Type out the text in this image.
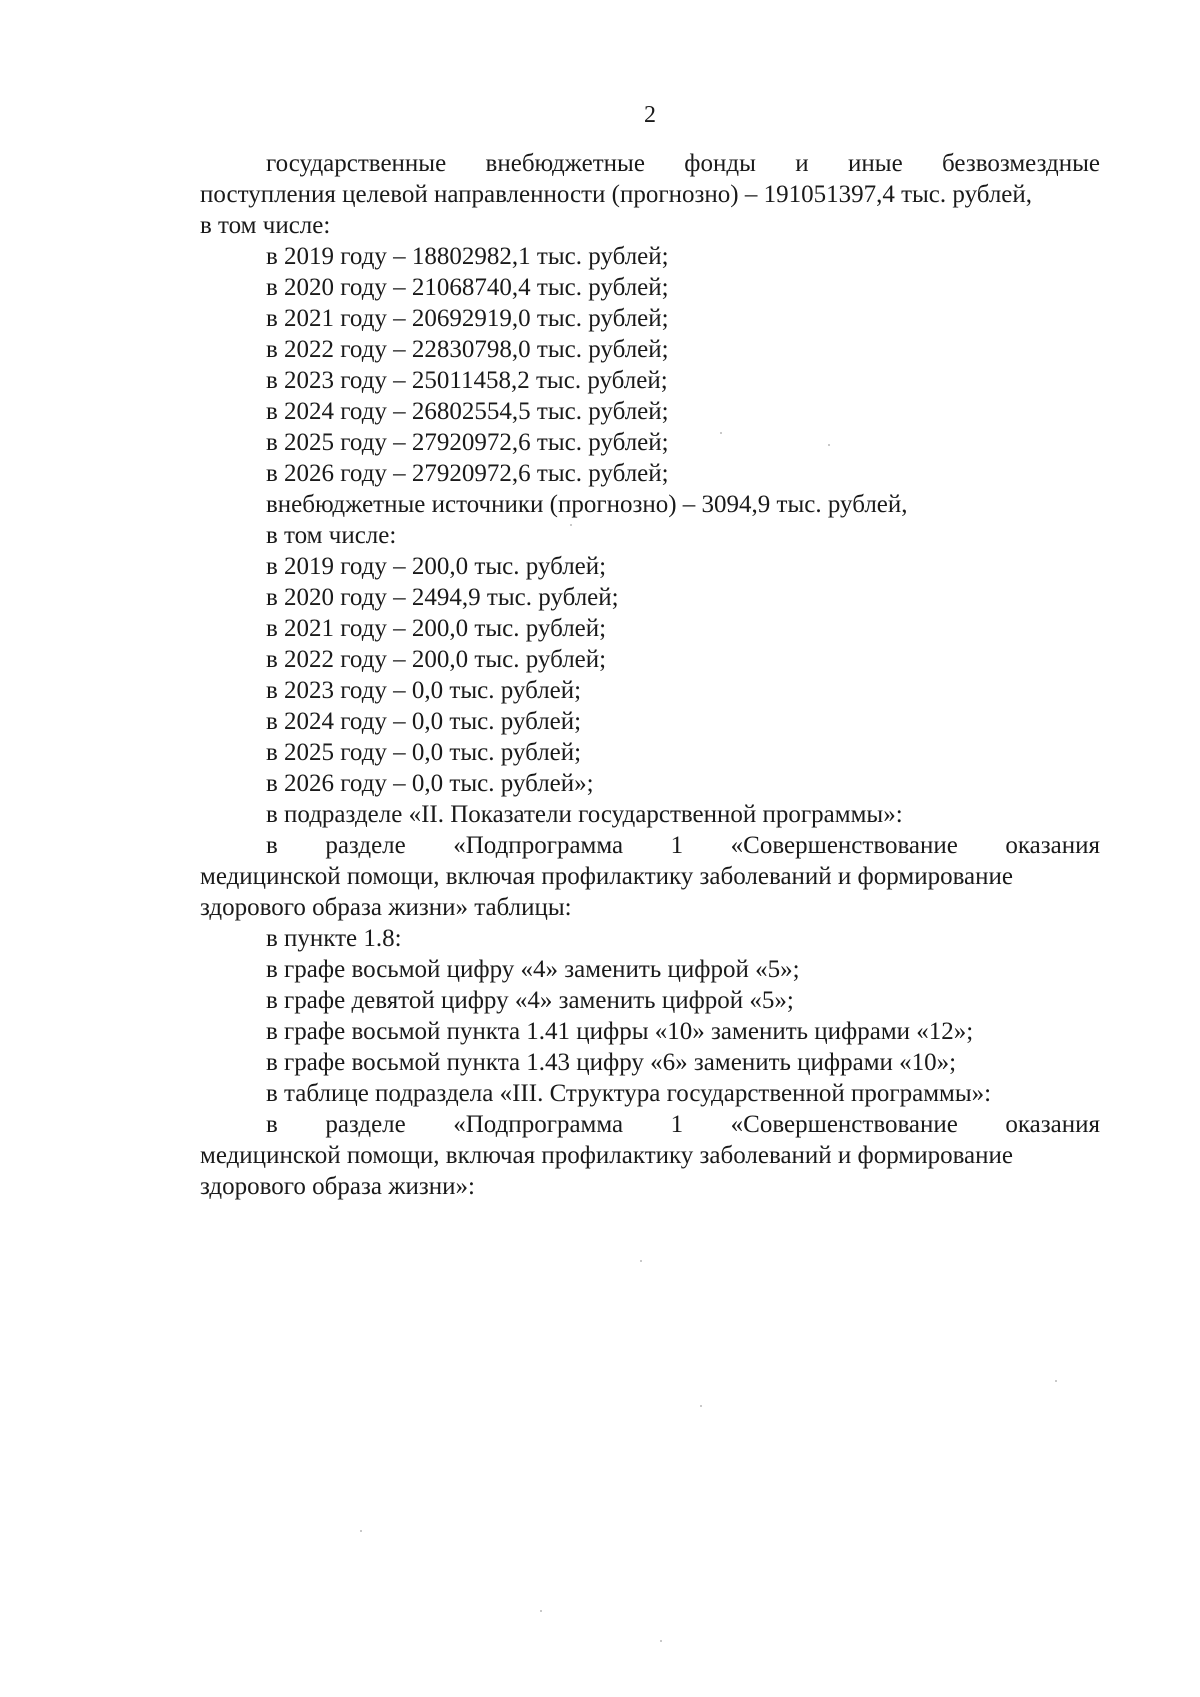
2
государственные внебюджетные фонды и иные безвозмездные
поступления целевой направленности (прогнозно) – 191051397,4 тыс. рублей,
в том числе:
в 2019 году – 18802982,1 тыс. рублей;
в 2020 году – 21068740,4 тыс. рублей;
в 2021 году – 20692919,0 тыс. рублей;
в 2022 году – 22830798,0 тыс. рублей;
в 2023 году – 25011458,2 тыс. рублей;
в 2024 году – 26802554,5 тыс. рублей;
в 2025 году – 27920972,6 тыс. рублей;
в 2026 году – 27920972,6 тыс. рублей;
внебюджетные источники (прогнозно) – 3094,9 тыс. рублей,
в том числе:
в 2019 году – 200,0 тыс. рублей;
в 2020 году – 2494,9 тыс. рублей;
в 2021 году – 200,0 тыс. рублей;
в 2022 году – 200,0 тыс. рублей;
в 2023 году – 0,0 тыс. рублей;
в 2024 году – 0,0 тыс. рублей;
в 2025 году – 0,0 тыс. рублей;
в 2026 году – 0,0 тыс. рублей»;
в подразделе «II. Показатели государственной программы»:
в разделе «Подпрограмма 1 «Совершенствование оказания
медицинской помощи, включая профилактику заболеваний и формирование
здорового образа жизни» таблицы:
в пункте 1.8:
в графе восьмой цифру «4» заменить цифрой «5»;
в графе девятой цифру «4» заменить цифрой «5»;
в графе восьмой пункта 1.41 цифры «10» заменить цифрами «12»;
в графе восьмой пункта 1.43 цифру «6» заменить цифрами «10»;
в таблице подраздела «III. Структура государственной программы»:
в разделе «Подпрограмма 1 «Совершенствование оказания
медицинской помощи, включая профилактику заболеваний и формирование
здорового образа жизни»:
